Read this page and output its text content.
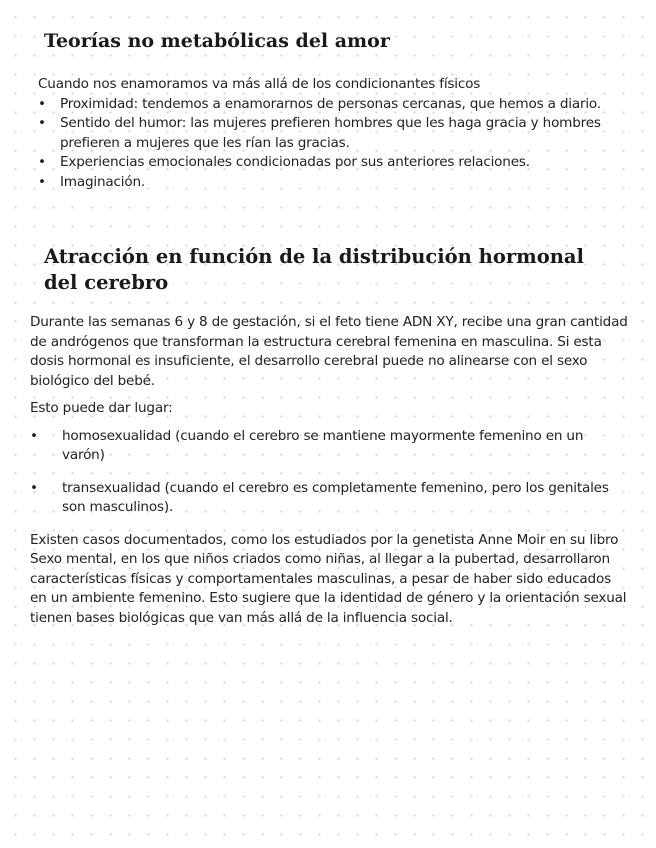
Teorías no metabólicas del amor

Cuando nos enamoramos va más allá de los condicionantes físicos

• Proximidad: tendemos a enamorarnos de personas cercanas, que hemos a diario.
• Sentido del humor: las mujeres prefieren hombres que les haga gracia y hombres prefieren a mujeres que les rían las gracias.
• Experiencias emocionales condicionadas por sus anteriores relaciones.
• Imaginación.
Atracción en función de la distribución hormonal del cerebro

Durante las semanas 6 y 8 de gestación, si el feto tiene ADN XY, recibe una gran cantidad de andrógenos que transforman la estructura cerebral femenina en masculina. Si esta dosis hormonal es insuficiente, el desarrollo cerebral puede no alinearse con el sexo biológico del bebé.

Esto puede dar lugar:

• homosexualidad (cuando el cerebro se mantiene mayormente femenino en un varón)
• transexualidad (cuando el cerebro es completamente femenino, pero los genitales son masculinos).

Existen casos documentados, como los estudiados por la genetista Anne Moir en su libro Sexo mental, en los que niños criados como niñas, al llegar a la pubertad, desarrollaron características físicas y comportamentales masculinas, a pesar de haber sido educados en un ambiente femenino. Esto sugiere que la identidad de género y la orientación sexual tienen bases biológicas que van más allá de la influencia social.
